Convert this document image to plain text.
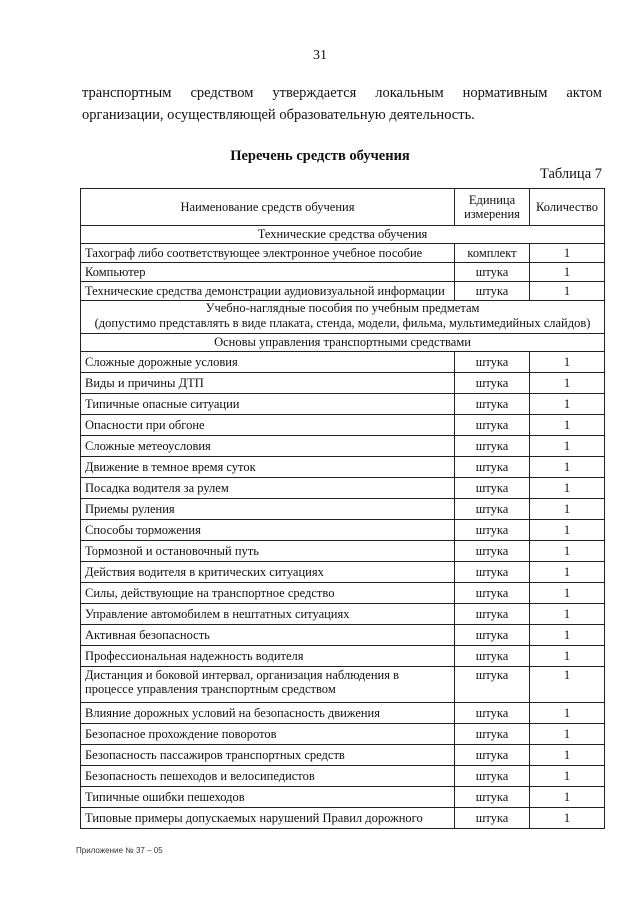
31
транспортным средством утверждается локальным нормативным актом
организации, осуществляющей образовательную деятельность.
Перечень средств обучения
Таблица 7
Наименование средств обучения	Единица измерения	Количество
Технические средства обучения		
Тахограф либо соответствующее электронное учебное пособие	комплект	1
Компьютер	штука	1
Технические средства демонстрации аудиовизуальной информации	штука	1

Учебно-наглядные пособия по учебным предметам
(допустимо представлять в виде плаката, стенда, модели, фильма, мультимедийных слайдов)		

Основы управления транспортными средствами		

Сложные дорожные условия	штука	1
Виды и причины ДТП	штука	1
Типичные опасные ситуации	штука	1
Опасности при обгоне	штука	1
Сложные метеоусловия	штука	1
Движение в темное время суток	штука	1
Посадка водителя за рулем	штука	1
Приемы руления	штука	1
Способы торможения	штука	1
Тормозной и остановочный путь	штука	1
Действия водителя в критических ситуациях	штука	1
Силы, действующие на транспортное средство	штука	1
Управление автомобилем в нештатных ситуациях	штука	1
Активная безопасность	штука	1
Профессиональная надежность водителя	штука	1
Дистанция и боковой интервал, организация наблюдения в процессе управления транспортным средством	штука	1
Влияние дорожных условий на безопасность движения	штука	1
Безопасное прохождение поворотов	штука	1
Безопасность пассажиров транспортных средств	штука	1
Безопасность пешеходов и велосипедистов	штука	1
Типичные ошибки пешеходов	штука	1
Типовые примеры допускаемых нарушений Правил дорожного	штука	1
Приложение № 37 – 05
